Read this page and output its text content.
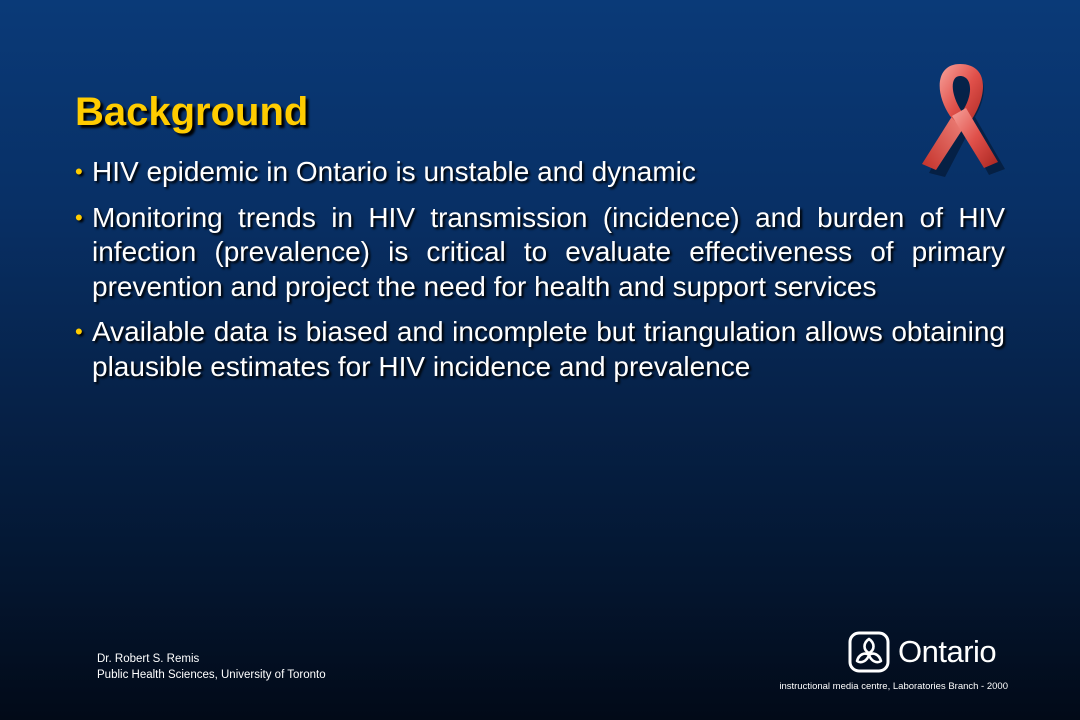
Background
• HIV epidemic in Ontario is unstable and dynamic
• Monitoring trends in HIV transmission (incidence) and burden of HIV infection (prevalence) is critical to evaluate effectiveness of primary prevention and project the need for health and support services
• Available data is biased and incomplete but triangulation allows obtaining plausible estimates for HIV incidence and prevalence
Dr. Robert S. Remis
Public Health Sciences, University of Toronto
Ontario
instructional media centre, Laboratories Branch - 2000
